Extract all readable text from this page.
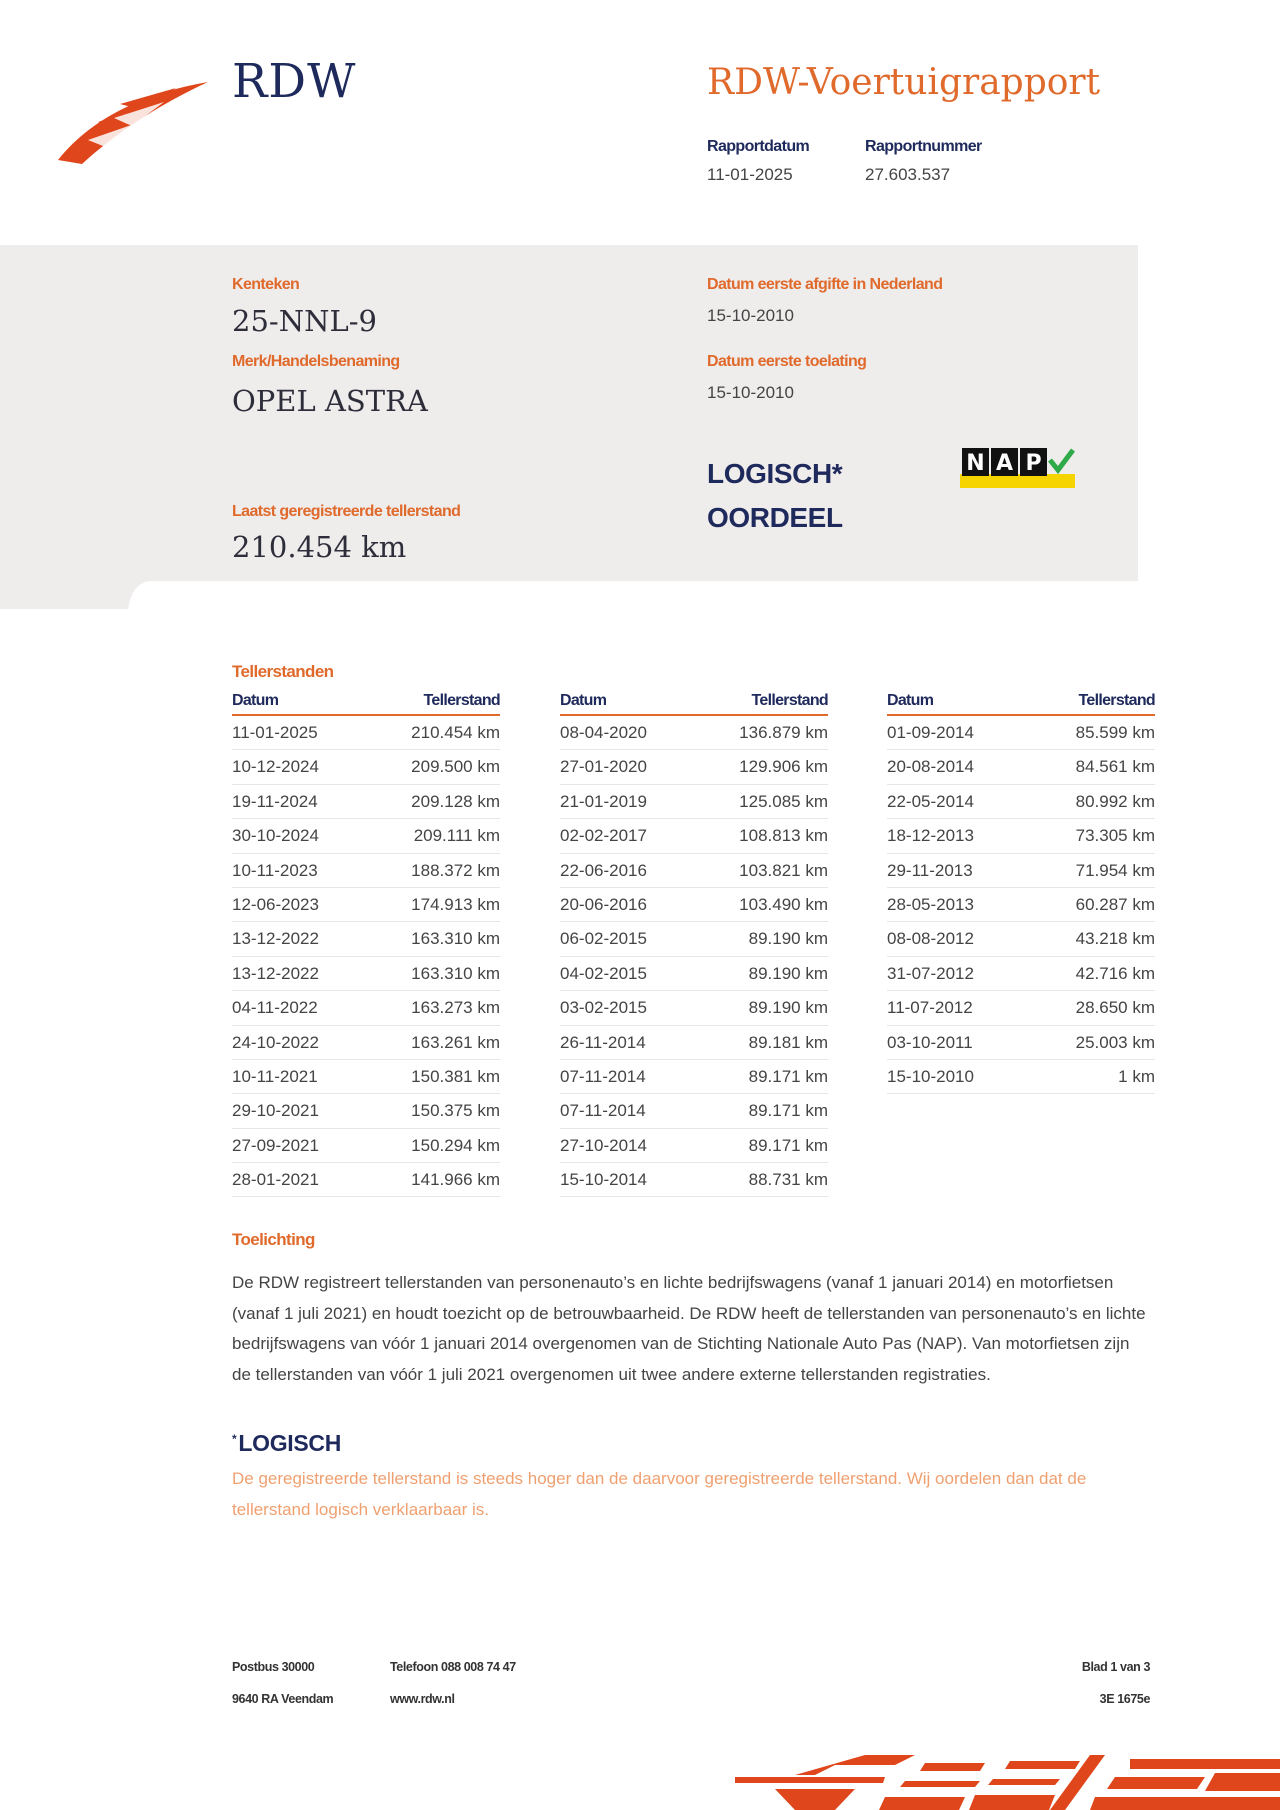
RDW	RDW-Voertuigrapport
Rapportdatum
11-01-2025
Rapportnummer
27.603.537
Kenteken
25-NNL-9
Merk/Handelsbenaming
OPEL ASTRA
Laatst geregistreerde tellerstand
210.454 km
Datum eerste afgifte in Nederland
15-10-2010
Datum eerste toelating
15-10-2010
LOGISCH*
OORDEEL
N A P
Tellerstanden
Datum	Tellerstand
11-01-2025	210.454 km
10-12-2024	209.500 km
19-11-2024	209.128 km
30-10-2024	209.111 km
10-11-2023	188.372 km
12-06-2023	174.913 km
13-12-2022	163.310 km
13-12-2022	163.310 km
04-11-2022	163.273 km
24-10-2022	163.261 km
10-11-2021	150.381 km
29-10-2021	150.375 km
27-09-2021	150.294 km
28-01-2021	141.966 km
Datum	Tellerstand
08-04-2020	136.879 km
27-01-2020	129.906 km
21-01-2019	125.085 km
02-02-2017	108.813 km
22-06-2016	103.821 km
20-06-2016	103.490 km
06-02-2015	89.190 km
04-02-2015	89.190 km
03-02-2015	89.190 km
26-11-2014	89.181 km
07-11-2014	89.171 km
07-11-2014	89.171 km
27-10-2014	89.171 km
15-10-2014	88.731 km
Datum	Tellerstand
01-09-2014	85.599 km
20-08-2014	84.561 km
22-05-2014	80.992 km
18-12-2013	73.305 km
29-11-2013	71.954 km
28-05-2013	60.287 km
08-08-2012	43.218 km
31-07-2012	42.716 km
11-07-2012	28.650 km
03-10-2011	25.003 km
15-10-2010	1 km
Toelichting
De RDW registreert tellerstanden van personenauto’s en lichte bedrijfswagens (vanaf 1 januari 2014) en motorfietsen (vanaf 1 juli 2021) en houdt toezicht op de betrouwbaarheid. De RDW heeft de tellerstanden van personenauto’s en lichte bedrijfswagens van vóór 1 januari 2014 overgenomen van de Stichting Nationale Auto Pas (NAP). Van motorfietsen zijn de tellerstanden van vóór 1 juli 2021 overgenomen uit twee andere externe tellerstanden registraties.
*LOGISCH
De geregistreerde tellerstand is steeds hoger dan de daarvoor geregistreerde tellerstand. Wij oordelen dan dat de tellerstand logisch verklaarbaar is.
Postbus 30000
9640 RA Veendam
Telefoon 088 008 74 47
www.rdw.nl
Blad 1 van 3
3E 1675e
